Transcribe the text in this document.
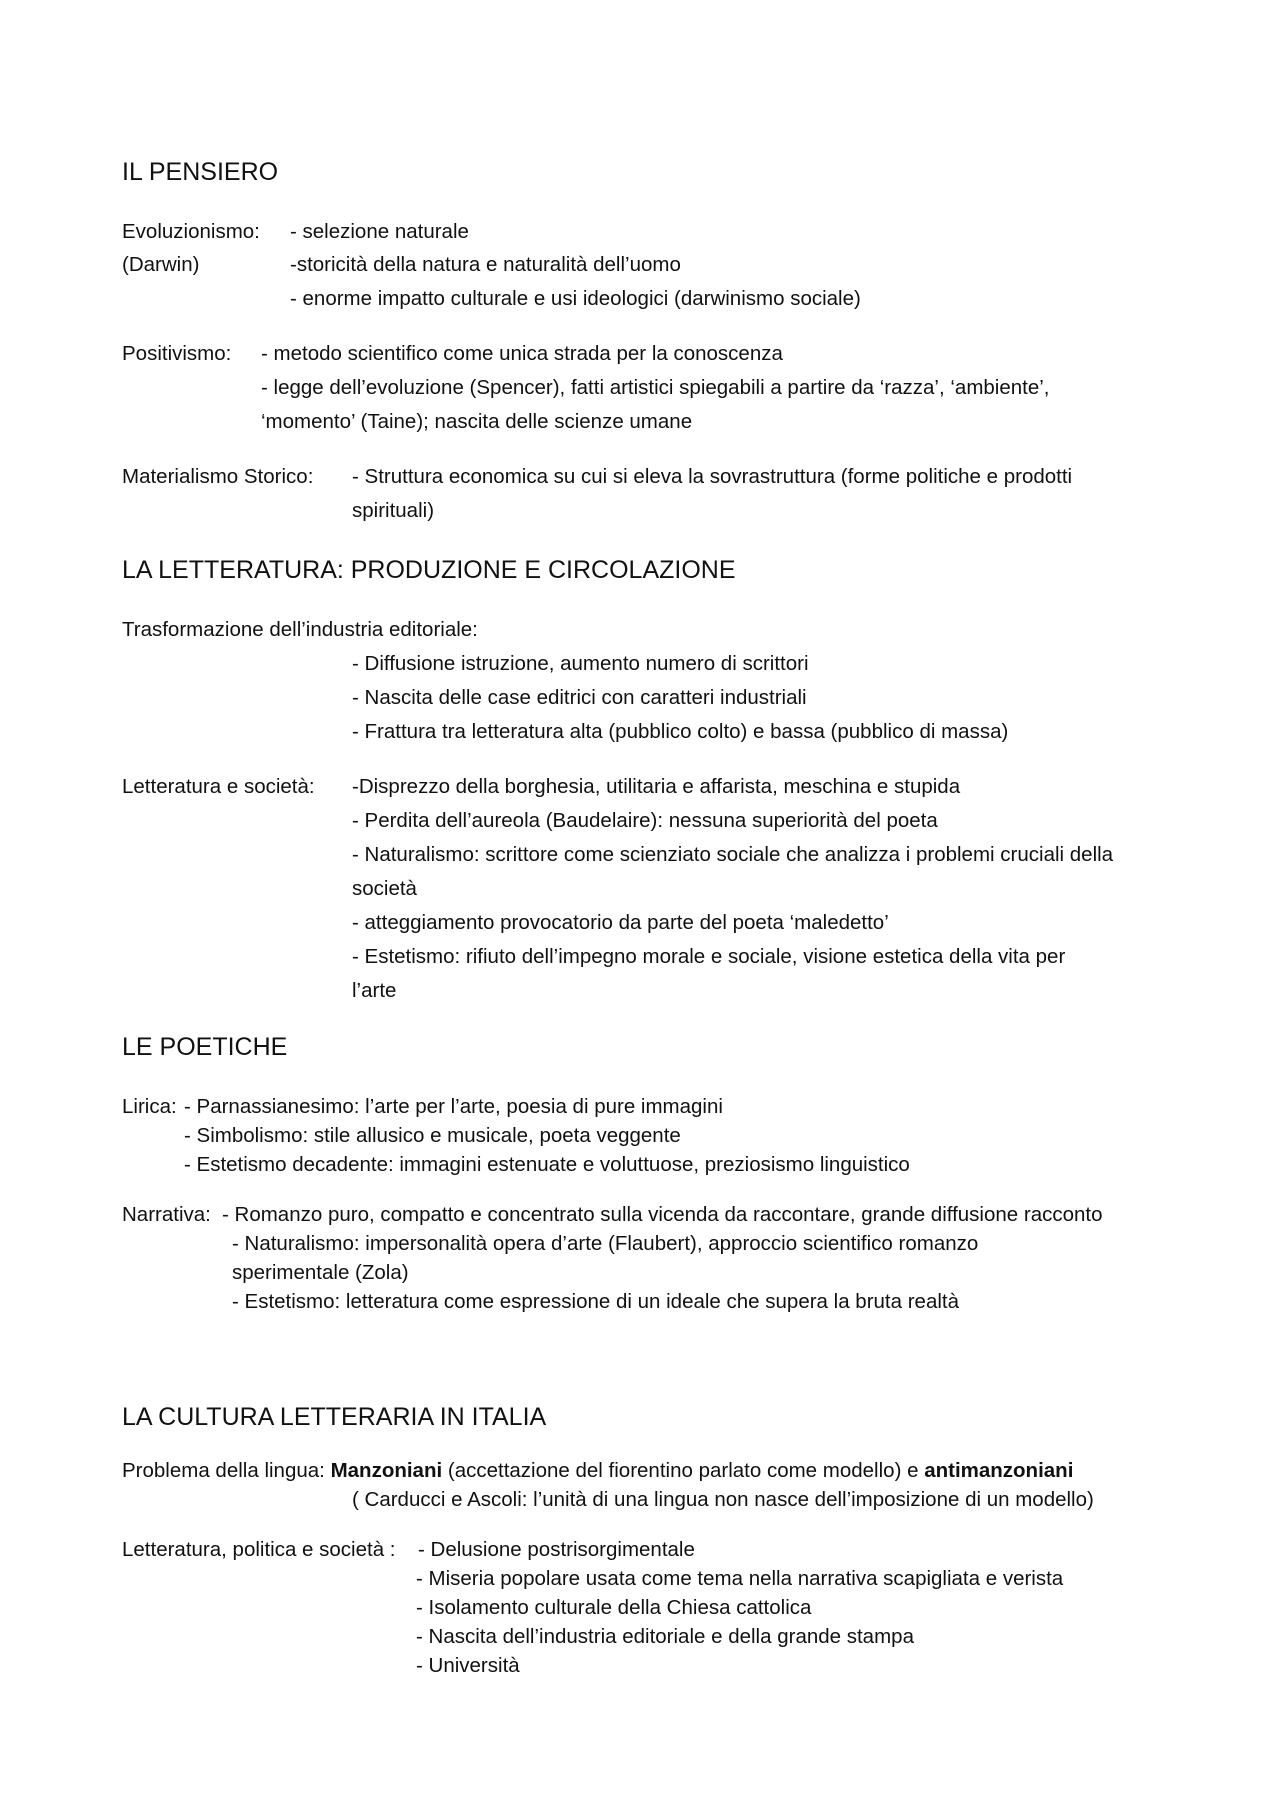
IL PENSIERO
Evoluzionismo:
(Darwin)
- selezione naturale
-storicità della natura e naturalità dell’uomo
- enorme impatto culturale e usi ideologici (darwinismo sociale)
Positivismo: - metodo scientifico come unica strada per la conoscenza
- legge dell’evoluzione (Spencer), fatti artistici spiegabili a partire da ‘razza’, ‘ambiente’,
‘momento’ (Taine); nascita delle scienze umane
Materialismo Storico: - Struttura economica su cui si eleva la sovrastruttura (forme politiche e prodotti
spirituali)
LA LETTERATURA: PRODUZIONE E CIRCOLAZIONE
Trasformazione dell’industria editoriale:
- Diffusione istruzione, aumento numero di scrittori
- Nascita delle case editrici con caratteri industriali
- Frattura tra letteratura alta (pubblico colto) e bassa (pubblico di massa)
Letteratura e società: -Disprezzo della borghesia, utilitaria e affarista, meschina e stupida
- Perdita dell’aureola (Baudelaire): nessuna superiorità del poeta
- Naturalismo: scrittore come scienziato sociale che analizza i problemi cruciali della
società
- atteggiamento provocatorio da parte del poeta ‘maledetto’
- Estetismo: rifiuto dell’impegno morale e sociale, visione estetica della vita per
l’arte
LE POETICHE
Lirica: - Parnassianesimo: l’arte per l’arte, poesia di pure immagini
- Simbolismo: stile allusico e musicale, poeta veggente
- Estetismo decadente: immagini estenuate e voluttuose, preziosismo linguistico
Narrativa: - Romanzo puro, compatto e concentrato sulla vicenda da raccontare, grande diffusione racconto
- Naturalismo: impersonalità opera d’arte (Flaubert), approccio scientifico romanzo
sperimentale (Zola)
- Estetismo: letteratura come espressione di un ideale che supera la bruta realtà
LA CULTURA LETTERARIA IN ITALIA
Problema della lingua: Manzoniani (accettazione del fiorentino parlato come modello) e antimanzoniani
( Carducci e Ascoli: l’unità di una lingua non nasce dell’imposizione di un modello)
Letteratura, politica e società : - Delusione postrisorgimentale
- Miseria popolare usata come tema nella narrativa scapigliata e verista
- Isolamento culturale della Chiesa cattolica
- Nascita dell’industria editoriale e della grande stampa
- Università
